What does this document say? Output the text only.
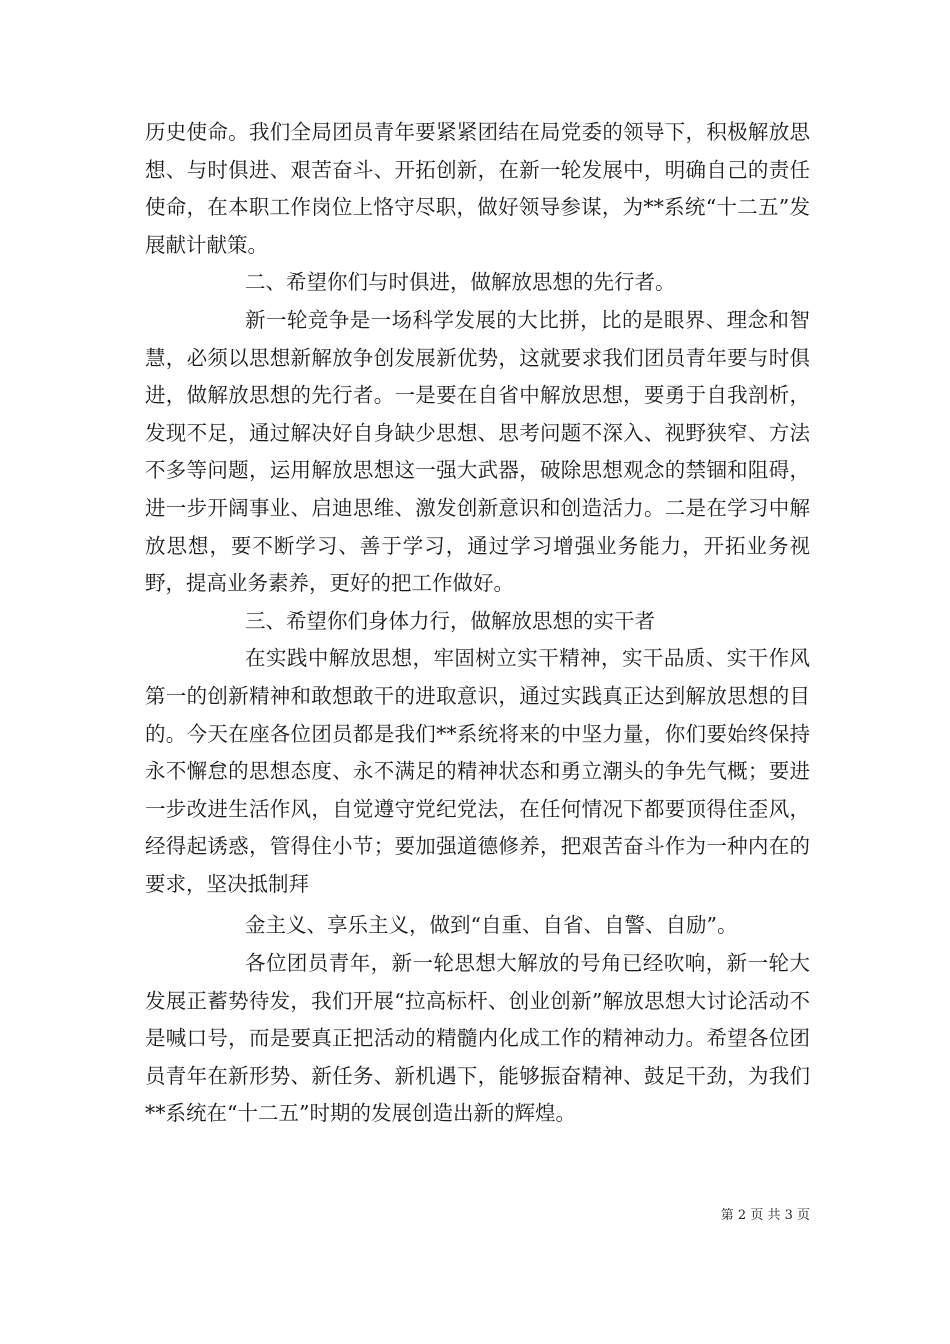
历史使命。我们全局团员青年要紧紧团结在局党委的领导下，积极解放思想、与时俱进、艰苦奋斗、开拓创新，在新一轮发展中，明确自己的责任使命，在本职工作岗位上恪守尽职，做好领导参谋，为**系统“十二五”发展献计献策。

二、希望你们与时俱进，做解放思想的先行者。

新一轮竞争是一场科学发展的大比拼，比的是眼界、理念和智慧，必须以思想新解放争创发展新优势，这就要求我们团员青年要与时俱进，做解放思想的先行者。一是要在自省中解放思想，要勇于自我剖析，发现不足，通过解决好自身缺少思想、思考问题不深入、视野狭窄、方法不多等问题，运用解放思想这一强大武器，破除思想观念的禁锢和阻碍，进一步开阔事业、启迪思维、激发创新意识和创造活力。二是在学习中解放思想，要不断学习、善于学习，通过学习增强业务能力，开拓业务视野，提高业务素养，更好的把工作做好。

三、希望你们身体力行，做解放思想的实干者

在实践中解放思想，牢固树立实干精神，实干品质、实干作风第一的创新精神和敢想敢干的进取意识，通过实践真正达到解放思想的目的。今天在座各位团员都是我们**系统将来的中坚力量，你们要始终保持永不懈怠的思想态度、永不满足的精神状态和勇立潮头的争先气概；要进一步改进生活作风，自觉遵守党纪党法，在任何情况下都要顶得住歪风，经得起诱惑，管得住小节；要加强道德修养，把艰苦奋斗作为一种内在的要求，坚决抵制拜

金主义、享乐主义，做到“自重、自省、自警、自励”。

各位团员青年，新一轮思想大解放的号角已经吹响，新一轮大发展正蓄势待发，我们开展“拉高标杆、创业创新”解放思想大讨论活动不是喊口号，而是要真正把活动的精髓内化成工作的精神动力。希望各位团员青年在新形势、新任务、新机遇下，能够振奋精神、鼓足干劲，为我们**系统在“十二五”时期的发展创造出新的辉煌。

第 2 页 共 3 页
